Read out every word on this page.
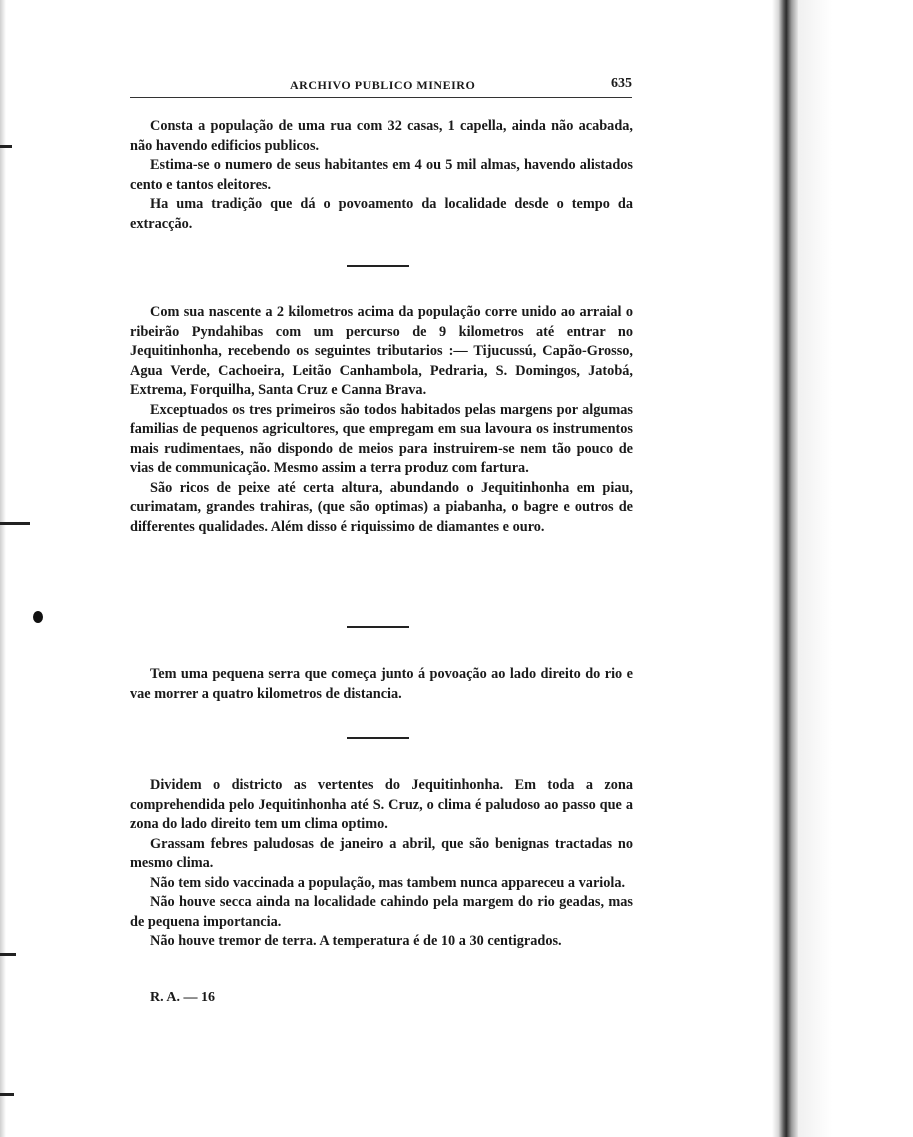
ARCHIVO PUBLICO MINEIRO	635

Consta a população de uma rua com 32 casas, 1 capella, ainda não acabada, não havendo edificios publicos.

Estima-se o numero de seus habitantes em 4 ou 5 mil almas, havendo alistados cento e tantos eleitores.

Ha uma tradição que dá o povoamento da localidade desde o tempo da extracção.

Com sua nascente a 2 kilometros acima da população corre unido ao arraial o ribeirão Pyndahibas com um percurso de 9 kilometros até entrar no Jequitinhonha, recebendo os seguintes tributarios :— Tijucussú, Capão-Grosso, Agua Verde, Cachoeira, Leitão Canhambola, Pedraria, S. Domingos, Jatobá, Extrema, Forquilha, Santa Cruz e Canna Brava.

Exceptuados os tres primeiros são todos habitados pelas margens por algumas familias de pequenos agricultores, que empregam em sua lavoura os instrumentos mais rudimentaes, não dispondo de meios para instruirem-se nem tão pouco de vias de communicação. Mesmo assim a terra produz com fartura.

São ricos de peixe até certa altura, abundando o Jequitinhonha em piau, curimatam, grandes trahiras, (que são optimas) a piabanha, o bagre e outros de differentes qualidades. Além disso é riquissimo de diamantes e ouro.

Tem uma pequena serra que começa junto á povoação ao lado direito do rio e vae morrer a quatro kilometros de distancia.

Dividem o districto as vertentes do Jequitinhonha. Em toda a zona comprehendida pelo Jequitinhonha até S. Cruz, o clima é paludoso ao passo que a zona do lado direito tem um clima optimo.

Grassam febres paludosas de janeiro a abril, que são benignas tractadas no mesmo clima.

Não tem sido vaccinada a população, mas tambem nunca appareceu a variola.

Não houve secca ainda na localidade cahindo pela margem do rio geadas, mas de pequena importancia.

Não houve tremor de terra. A temperatura é de 10 a 30 centigrados.

R. A. — 16
